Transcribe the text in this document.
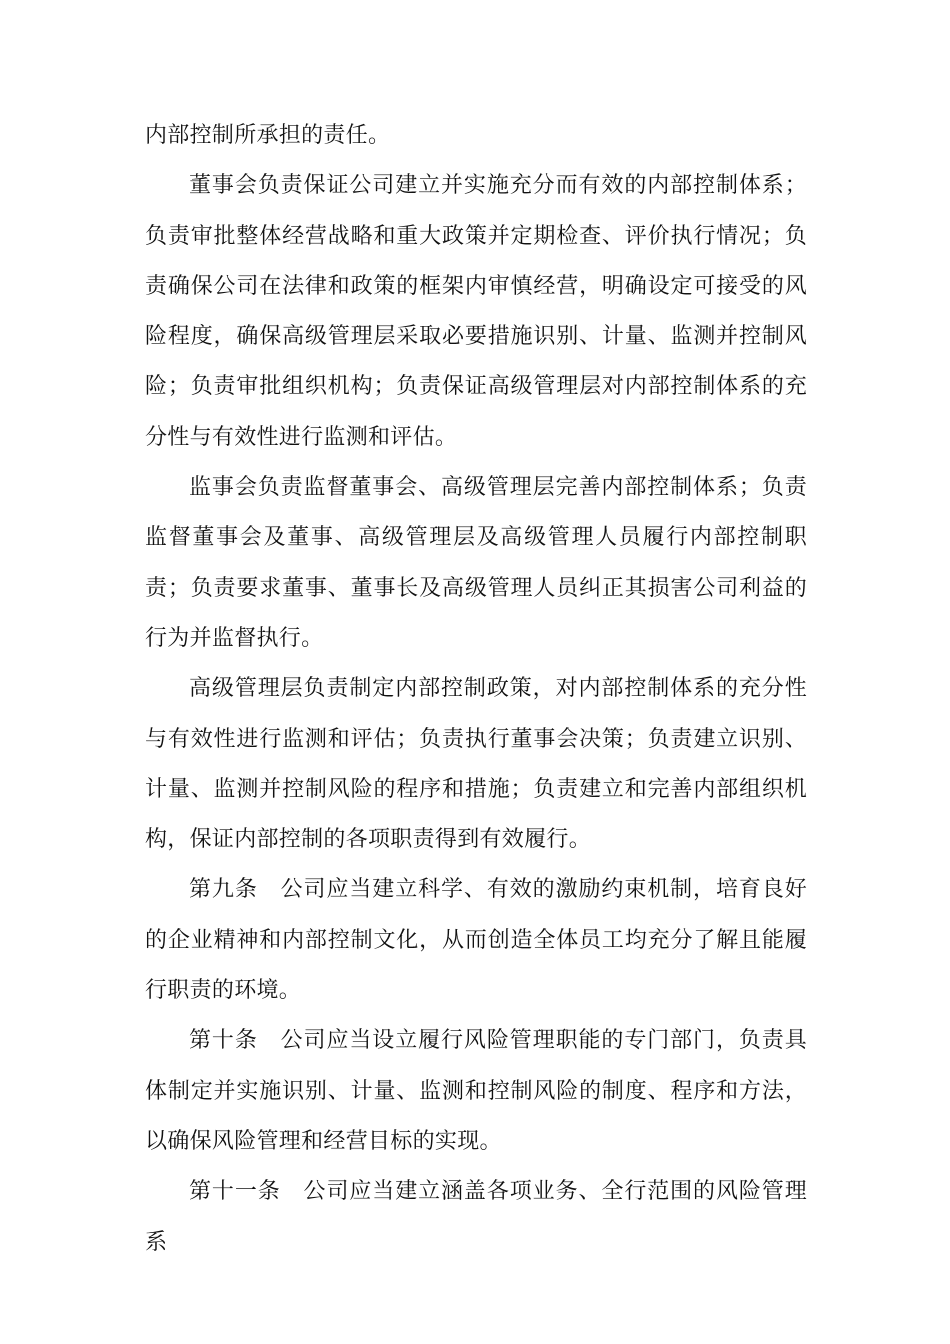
内部控制所承担的责任。

董事会负责保证公司建立并实施充分而有效的内部控制体系；负责审批整体经营战略和重大政策并定期检查、评价执行情况；负责确保公司在法律和政策的框架内审慎经营，明确设定可接受的风险程度，确保高级管理层采取必要措施识别、计量、监测并控制风险；负责审批组织机构；负责保证高级管理层对内部控制体系的充分性与有效性进行监测和评估。

监事会负责监督董事会、高级管理层完善内部控制体系；负责监督董事会及董事、高级管理层及高级管理人员履行内部控制职责；负责要求董事、董事长及高级管理人员纠正其损害公司利益的行为并监督执行。

高级管理层负责制定内部控制政策，对内部控制体系的充分性与有效性进行监测和评估；负责执行董事会决策；负责建立识别、计量、监测并控制风险的程序和措施；负责建立和完善内部组织机构，保证内部控制的各项职责得到有效履行。

第九条　公司应当建立科学、有效的激励约束机制，培育良好的企业精神和内部控制文化，从而创造全体员工均充分了解且能履行职责的环境。

第十条　公司应当设立履行风险管理职能的专门部门，负责具体制定并实施识别、计量、监测和控制风险的制度、程序和方法，以确保风险管理和经营目标的实现。

第十一条　公司应当建立涵盖各项业务、全行范围的风险管理系
